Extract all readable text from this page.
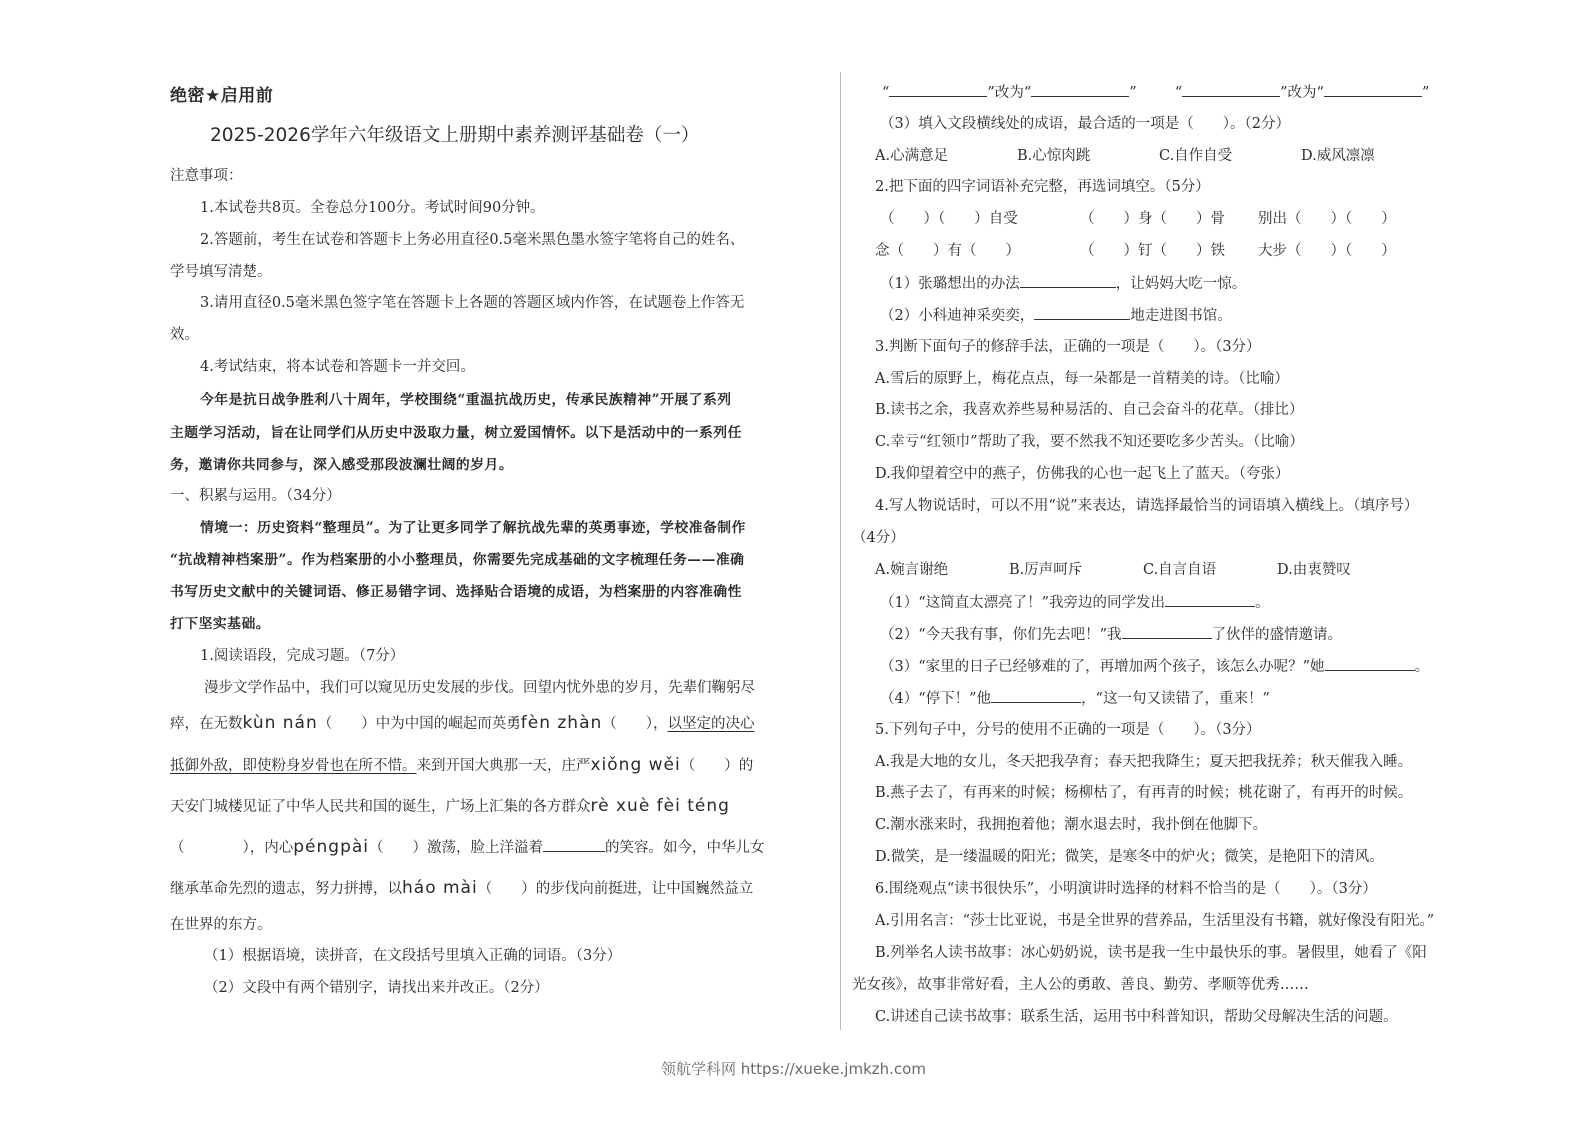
绝密★启用前
2025-2026学年六年级语文上册期中素养测评基础卷（一）
注意事项：
1.本试卷共8页。全卷总分100分。考试时间90分钟。
2.答题前，考生在试卷和答题卡上务必用直径0.5毫米黑色墨水签字笔将自己的姓名、
学号填写清楚。
3.请用直径0.5毫米黑色签字笔在答题卡上各题的答题区域内作答，在试题卷上作答无
效。
4.考试结束，将本试卷和答题卡一并交回。
今年是抗日战争胜利八十周年，学校围绕“重温抗战历史，传承民族精神”开展了系列
主题学习活动，旨在让同学们从历史中汲取力量，树立爱国情怀。以下是活动中的一系列任
务，邀请你共同参与，深入感受那段波澜壮阔的岁月。
一、积累与运用。（34分）
情境一：历史资料“整理员”。为了让更多同学了解抗战先辈的英勇事迹，学校准备制作
“抗战精神档案册”。作为档案册的小小整理员，你需要先完成基础的文字梳理任务——准确
书写历史文献中的关键词语、修正易错字词、选择贴合语境的成语，为档案册的内容准确性
打下坚实基础。
1.阅读语段，完成习题。（7分）
漫步文学作品中，我们可以窥见历史发展的步伐。回望内忧外患的岁月，先辈们鞠躬尽
瘁，在无数kùn nán（　　）中为中国的崛起而英勇fèn zhàn（　　），以坚定的决心
抵御外敌，即使粉身岁骨也在所不惜。来到开国大典那一天，庄严xiǒng wěi（　　）的
天安门城楼见证了中华人民共和国的诞生，广场上汇集的各方群众rè xuè fèi téng
（　　　　），内心péngpài（　　）激荡，脸上洋溢着	的笑容。如今，中华儿女
继承革命先烈的遗志，努力拼搏，以háo mài（　　）的步伐向前挺进，让中国巍然益立
在世界的东方。
（1）根据语境，读拼音，在文段括号里填入正确的词语。（3分）
（2）文段中有两个错别字，请找出来并改正。（2分）
“	”改为“	”	“	”改为“	”
（3）填入文段横线处的成语，最合适的一项是（　　）。（2分）
A.心满意足	B.心惊肉跳	C.自作自受	D.威风凛凛
2.把下面的四字词语补充完整，再选词填空。（5分）
（　　）（　　）自受	（　　）身（　　）骨 别出（　　）（　　）
念（　　）有（　　）	（　　）钉（　　）铁 大步（　　）（　　）
（1）张璐想出的办法	，让妈妈大吃一惊。
（2）小科迪神采奕奕，	地走进图书馆。
3.判断下面句子的修辞手法，正确的一项是（　　）。（3分）
A.雪后的原野上，梅花点点，每一朵都是一首精美的诗。（比喻）
B.读书之余，我喜欢养些易种易活的、自己会奋斗的花草。（排比）
C.幸亏“红领巾”帮助了我，要不然我不知还要吃多少苦头。（比喻）
D.我仰望着空中的燕子，仿佛我的心也一起飞上了蓝天。（夸张）
4.写人物说话时，可以不用“说”来表达，请选择最恰当的词语填入横线上。（填序号）
（4分）
A.婉言谢绝	B.厉声呵斥	C.自言自语	D.由衷赞叹
（1）“这简直太漂亮了！”我旁边的同学发出	。
（2）“今天我有事，你们先去吧！”我	了伙伴的盛情邀请。
（3）“家里的日子已经够难的了，再增加两个孩子，该怎么办呢？”她	。
（4）“停下！”他	，“这一句又读错了，重来！”
5.下列句子中，分号的使用不正确的一项是（　　）。（3分）
A.我是大地的女儿，冬天把我孕育；春天把我降生；夏天把我抚养；秋天催我入睡。
B.燕子去了，有再来的时候；杨柳枯了，有再青的时候；桃花谢了，有再开的时候。
C.潮水涨来时，我拥抱着他；潮水退去时，我扑倒在他脚下。
D.微笑，是一缕温暖的阳光；微笑，是寒冬中的炉火；微笑，是艳阳下的清风。
6.围绕观点“读书很快乐”，小明演讲时选择的材料不恰当的是（　　）。（3分）
A.引用名言：“莎士比亚说，书是全世界的营养品，生活里没有书籍，就好像没有阳光。”
B.列举名人读书故事：冰心奶奶说，读书是我一生中最快乐的事。暑假里，她看了《阳
光女孩》，故事非常好看，主人公的勇敢、善良、勤劳、孝顺等优秀……
C.讲述自己读书故事：联系生活，运用书中科普知识，帮助父母解决生活的问题。
领航学科网 https://xueke.jmkzh.com
